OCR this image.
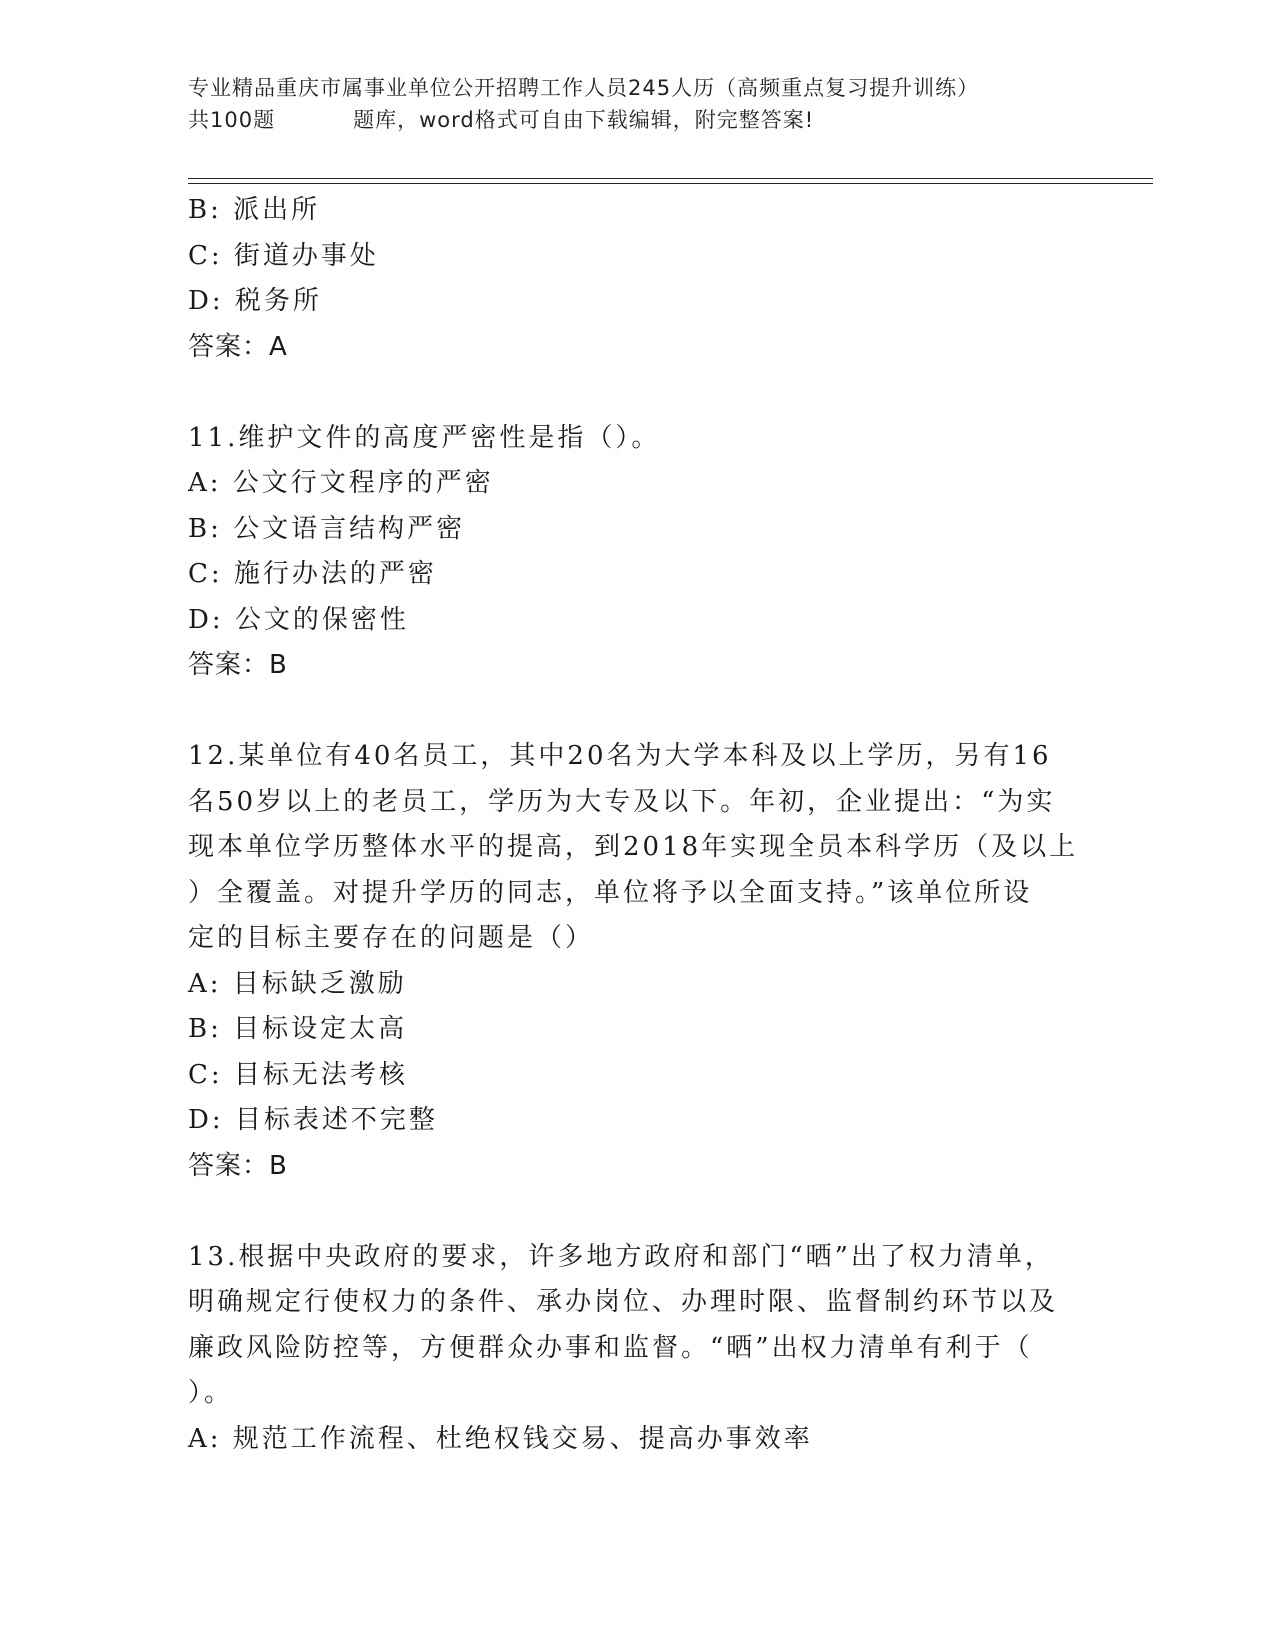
专业精品重庆市属事业单位公开招聘工作人员245人历（高频重点复习提升训练）
共100题	题库，word格式可自由下载编辑，附完整答案!
B: 派出所
C: 街道办事处
D: 税务所
答案：A
11.维护文件的高度严密性是指（）。
A: 公文行文程序的严密
B: 公文语言结构严密
C: 施行办法的严密
D: 公文的保密性
答案：B
12.某单位有40名员工，其中20名为大学本科及以上学历，另有16
名50岁以上的老员工，学历为大专及以下。年初，企业提出：“为实
现本单位学历整体水平的提高，到2018年实现全员本科学历（及以上
）全覆盖。对提升学历的同志，单位将予以全面支持。”该单位所设
定的目标主要存在的问题是（）
A: 目标缺乏激励
B: 目标设定太高
C: 目标无法考核
D: 目标表述不完整
答案：B
13.根据中央政府的要求，许多地方政府和部门“晒”出了权力清单，
明确规定行使权力的条件、承办岗位、办理时限、监督制约环节以及
廉政风险防控等，方便群众办事和监督。“晒”出权力清单有利于（
）。
A: 规范工作流程、杜绝权钱交易、提高办事效率
